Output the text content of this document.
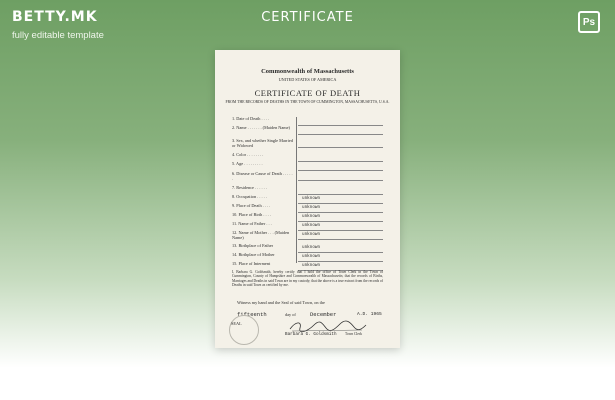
BETTY.MK
fully editable template
CERTIFICATE	Ps
Commonwealth of Massachusetts
UNITED STATES OF AMERICA
CERTIFICATE OF DEATH
FROM THE RECORDS OF DEATHS IN THE TOWN OF CUMMINGTON, MASSACHUSETTS, U.S.A.
1. Date of Death . . . .
2. Name . . . . . . . (Maiden Name)
3. Sex, and whether Single Married or Widowed
4. Color . . . . . . . .
5. Age . . . . . . . . .
6. Disease or Cause of Death . . . . . .
7. Residence . . . . . .
8. Occupation . . . . .	unknown
9. Place of Death . . . .	unknown
10. Place of Birth . . . .	unknown
11. Name of Father . . .	unknown
12. Name of Mother . . . (Maiden Name)
unknown
13. Birthplace of Father	unknown
14. Birthplace of Mother	unknown
15. Place of Interment	unknown
I, Barbara G. Goldsmith, hereby certify that I hold the office of Town Clerk in the Town of Cummington, County of Hampshire and Commonwealth of Massachusetts; that the records of Births, Marriages and Deaths in said Town are in my custody; that the above is a true extract from the records of Deaths in said Town as certified by me.
Witness my hand and the Seal of said Town, on the
fifteenth	day of	December	A.D. 1965
SEAL
Barbara G. Goldsmith Town Clerk
